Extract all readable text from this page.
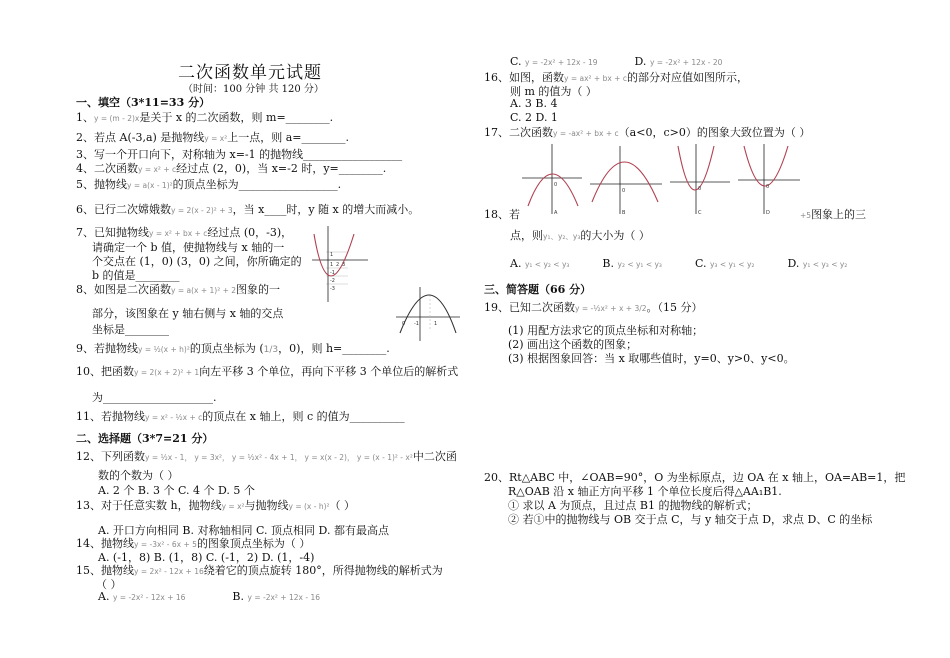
二次函数单元试题
（时间：100 分钟 共 120 分）
一、填空（3*11=33 分）
1、y = (m - 2)x是关于 x 的二次函数，则 m=________.
2、若点 A(-3,a) 是抛物线y = x²上一点，则 a=________.
3、写一个开口向下，对称轴为 x=-1 的抛物线__________________
4、二次函数y = x² + c经过点 (2，0)，当 x=-2 时，y=________.
5、抛物线y = a(x - 1)²的顶点坐标为__________________.
6、已行二次嫦娥数y = 2(x - 2)² + 3，当 x____时，y 随 x 的增大而减小。
7、已知抛物线y = x² + bx + c经过点 (0，-3)，
请确定一个 b 值，使抛物线与 x 轴的一
个交点在 (1，0) (3，0) 之间，你所确定的
b 的值是________
1
1 2 3
-1
-2
-3
8、如图是二次函数y = a(x + 1)² + 2图象的一
部分，该图象在 y 轴右侧与 x 轴的交点
坐标是________	0 -1	1
9、若抛物线y = ½(x + h)²的顶点坐标为 (1/3，0)，则 h=________.
10、把函数y = 2(x + 2)² + 1向左平移 3 个单位，再向下平移 3 个单位后的解析式
为____________________.
11、若抛物线y = x² - ½x + c的顶点在 x 轴上，则 c 的值为__________
二、选择题（3*7=21 分）
12、下列函数y = ½x - 1， y = 3x²， y = ½x² - 4x + 1， y = x(x - 2)， y = (x - 1)² - x²中二次函
数的个数为（ ）
A. 2 个 B. 3 个 C. 4 个 D. 5 个
13、对于任意实数 h，抛物线y = x²与抛物线y = (x - h)²（ ）
A. 开口方向相同 B. 对称轴相同 C. 顶点相同 D. 都有最高点
14、抛物线y = -3x² - 6x + 5的图象顶点坐标为（ ）
A. (-1，8) B. (1，8) C. (-1，2) D. (1，-4)
15、抛物线y = 2x² - 12x + 16绕着它的顶点旋转 180°，所得抛物线的解析式为
（ ）
A. y = -2x² - 12x + 16	B. y = -2x² + 12x - 16
C. y = -2x² + 12x - 19	D. y = -2x² + 12x - 20
16、如图，函数y = ax² + bx + c的部分对应值如图所示，
则 m 的值为（ ）
A. 3 B. 4
C. 2 D. 1
17、二次函数y = -ax² + bx + c（a<0，c>0）的图象大致位置为（ ）
0
A
0
B
0
C
0
D
18、若	+5图象上的三
点，则y₁、y₂、y₃的大小为（ ）
A. y₁ < y₂ < y₃	B. y₂ < y₁ < y₃	C. y₃ < y₁ < y₂	D. y₁ < y₃ < y₂
三、简答题（66 分）
19、已知二次函数y = -½x² + x + 3/2。（15 分）
(1) 用配方法求它的顶点坐标和对称轴；
(2) 画出这个函数的图象；
(3) 根据图象回答：当 x 取哪些值时，y=0、y>0、y<0。
20、Rt△ABC 中，∠OAB=90°，O 为坐标原点，边 OA 在 x 轴上，OA=AB=1，把
R△OAB 沿 x 轴正方向平移 1 个单位长度后得△AA₁B1.
① 求以 A 为顶点，且过点 B1 的抛物线的解析式；
② 若①中的抛物线与 OB 交于点 C，与 y 轴交于点 D，求点 D、C 的坐标
